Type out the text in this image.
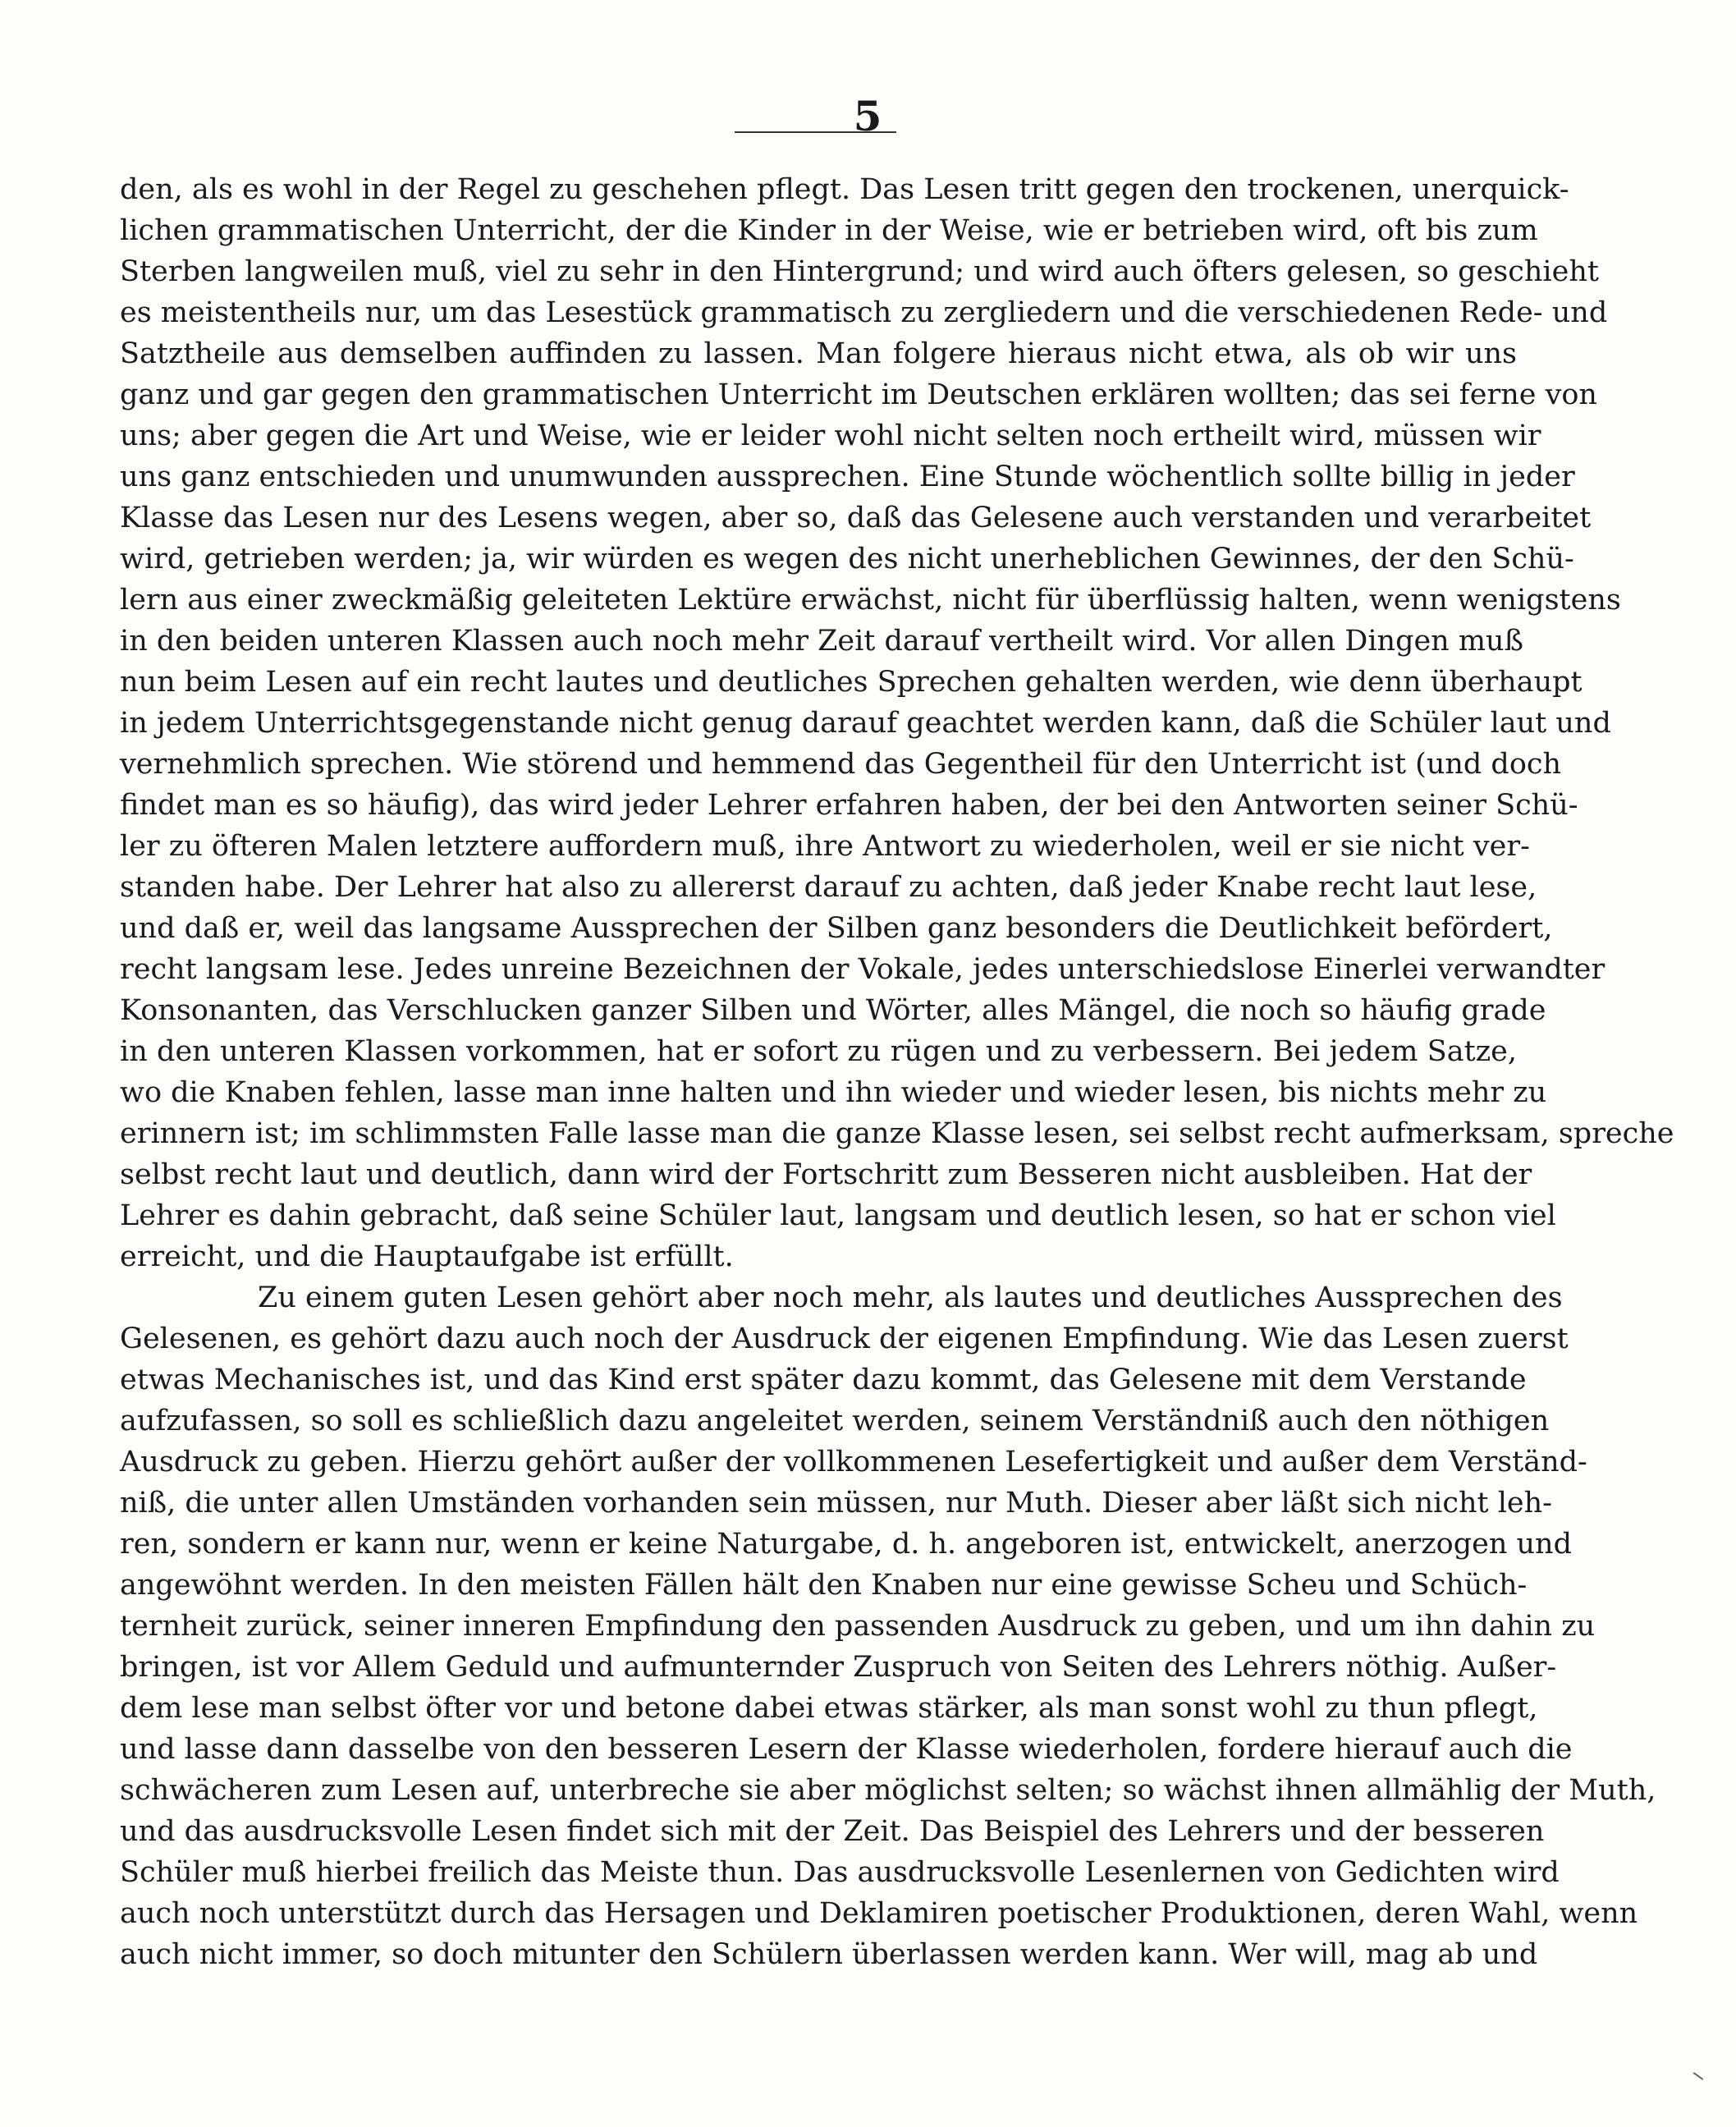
5
den, als es wohl in der Regel zu geschehen pflegt. Das Lesen tritt gegen den trockenen, unerquick-
lichen grammatischen Unterricht, der die Kinder in der Weise, wie er betrieben wird, oft bis zum
Sterben langweilen muß, viel zu sehr in den Hintergrund; und wird auch öfters gelesen, so geschieht
es meistentheils nur, um das Lesestück grammatisch zu zergliedern und die verschiedenen Rede- und
Satztheile aus demselben auffinden zu lassen. Man folgere hieraus nicht etwa, als ob wir uns
ganz und gar gegen den grammatischen Unterricht im Deutschen erklären wollten; das sei ferne von
uns; aber gegen die Art und Weise, wie er leider wohl nicht selten noch ertheilt wird, müssen wir
uns ganz entschieden und unumwunden aussprechen. Eine Stunde wöchentlich sollte billig in jeder
Klasse das Lesen nur des Lesens wegen, aber so, daß das Gelesene auch verstanden und verarbeitet
wird, getrieben werden; ja, wir würden es wegen des nicht unerheblichen Gewinnes, der den Schü-
lern aus einer zweckmäßig geleiteten Lektüre erwächst, nicht für überflüssig halten, wenn wenigstens
in den beiden unteren Klassen auch noch mehr Zeit darauf vertheilt wird. Vor allen Dingen muß
nun beim Lesen auf ein recht lautes und deutliches Sprechen gehalten werden, wie denn überhaupt
in jedem Unterrichtsgegenstande nicht genug darauf geachtet werden kann, daß die Schüler laut und
vernehmlich sprechen. Wie störend und hemmend das Gegentheil für den Unterricht ist (und doch
findet man es so häufig), das wird jeder Lehrer erfahren haben, der bei den Antworten seiner Schü-
ler zu öfteren Malen letztere auffordern muß, ihre Antwort zu wiederholen, weil er sie nicht ver-
standen habe. Der Lehrer hat also zu allererst darauf zu achten, daß jeder Knabe recht laut lese,
und daß er, weil das langsame Aussprechen der Silben ganz besonders die Deutlichkeit befördert,
recht langsam lese. Jedes unreine Bezeichnen der Vokale, jedes unterschiedslose Einerlei verwandter
Konsonanten, das Verschlucken ganzer Silben und Wörter, alles Mängel, die noch so häufig grade
in den unteren Klassen vorkommen, hat er sofort zu rügen und zu verbessern. Bei jedem Satze,
wo die Knaben fehlen, lasse man inne halten und ihn wieder und wieder lesen, bis nichts mehr zu
erinnern ist; im schlimmsten Falle lasse man die ganze Klasse lesen, sei selbst recht aufmerksam, spreche
selbst recht laut und deutlich, dann wird der Fortschritt zum Besseren nicht ausbleiben. Hat der
Lehrer es dahin gebracht, daß seine Schüler laut, langsam und deutlich lesen, so hat er schon viel
erreicht, und die Hauptaufgabe ist erfüllt.
Zu einem guten Lesen gehört aber noch mehr, als lautes und deutliches Aussprechen des
Gelesenen, es gehört dazu auch noch der Ausdruck der eigenen Empfindung. Wie das Lesen zuerst
etwas Mechanisches ist, und das Kind erst später dazu kommt, das Gelesene mit dem Verstande
aufzufassen, so soll es schließlich dazu angeleitet werden, seinem Verständniß auch den nöthigen
Ausdruck zu geben. Hierzu gehört außer der vollkommenen Lesefertigkeit und außer dem Verständ-
niß, die unter allen Umständen vorhanden sein müssen, nur Muth. Dieser aber läßt sich nicht leh-
ren, sondern er kann nur, wenn er keine Naturgabe, d. h. angeboren ist, entwickelt, anerzogen und
angewöhnt werden. In den meisten Fällen hält den Knaben nur eine gewisse Scheu und Schüch-
ternheit zurück, seiner inneren Empfindung den passenden Ausdruck zu geben, und um ihn dahin zu
bringen, ist vor Allem Geduld und aufmunternder Zuspruch von Seiten des Lehrers nöthig. Außer-
dem lese man selbst öfter vor und betone dabei etwas stärker, als man sonst wohl zu thun pflegt,
und lasse dann dasselbe von den besseren Lesern der Klasse wiederholen, fordere hierauf auch die
schwächeren zum Lesen auf, unterbreche sie aber möglichst selten; so wächst ihnen allmählig der Muth,
und das ausdrucksvolle Lesen findet sich mit der Zeit. Das Beispiel des Lehrers und der besseren
Schüler muß hierbei freilich das Meiste thun. Das ausdrucksvolle Lesenlernen von Gedichten wird
auch noch unterstützt durch das Hersagen und Deklamiren poetischer Produktionen, deren Wahl, wenn
auch nicht immer, so doch mitunter den Schülern überlassen werden kann. Wer will, mag ab und
